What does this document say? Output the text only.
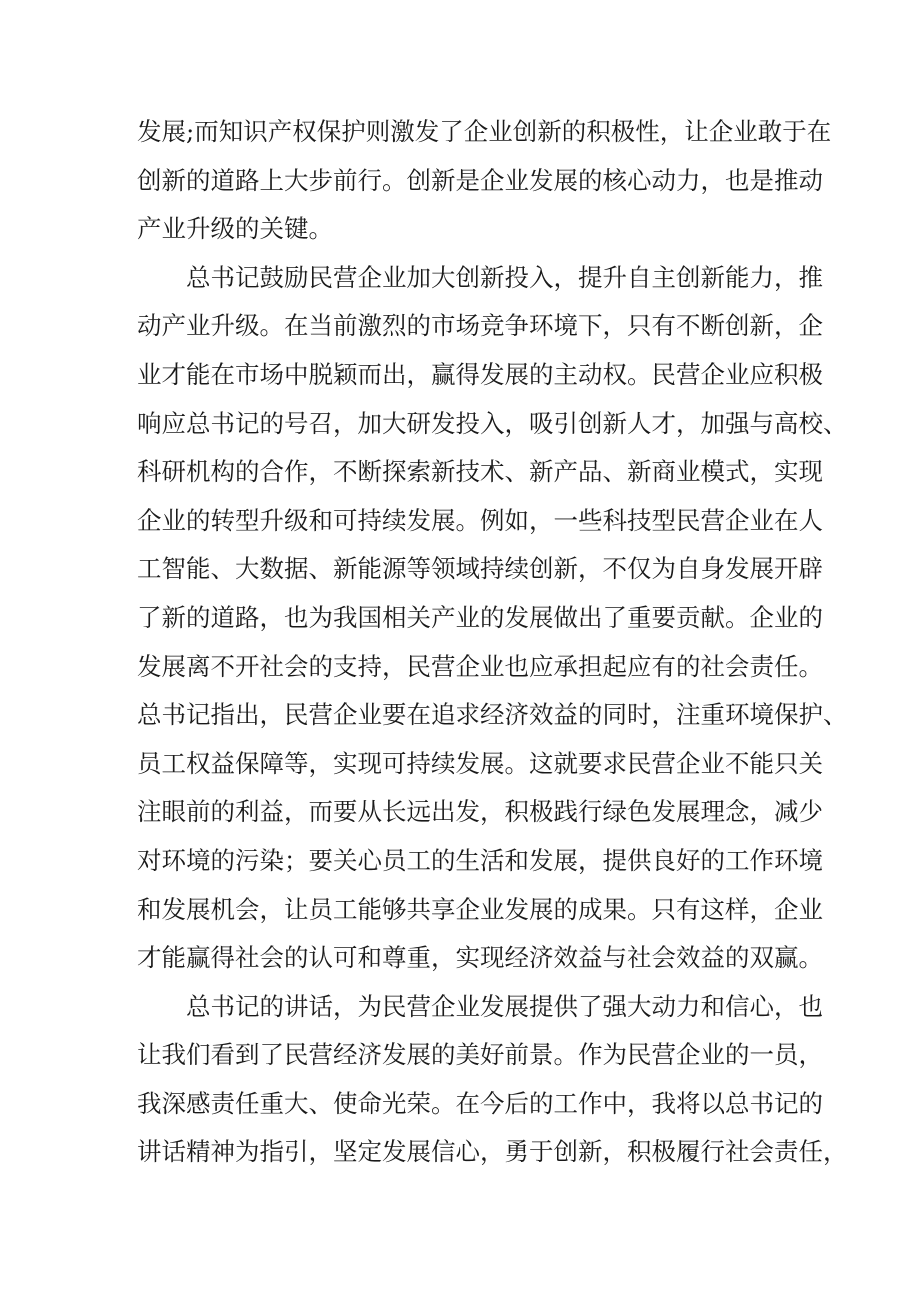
发展;而知识产权保护则激发了企业创新的积极性，让企业敢于在
创新的道路上大步前行。创新是企业发展的核心动力，也是推动
产业升级的关键。
总书记鼓励民营企业加大创新投入，提升自主创新能力，推
动产业升级。在当前激烈的市场竞争环境下，只有不断创新，企
业才能在市场中脱颖而出，赢得发展的主动权。民营企业应积极
响应总书记的号召，加大研发投入，吸引创新人才，加强与高校、
科研机构的合作，不断探索新技术、新产品、新商业模式，实现
企业的转型升级和可持续发展。例如，一些科技型民营企业在人
工智能、大数据、新能源等领域持续创新，不仅为自身发展开辟
了新的道路，也为我国相关产业的发展做出了重要贡献。企业的
发展离不开社会的支持，民营企业也应承担起应有的社会责任。
总书记指出，民营企业要在追求经济效益的同时，注重环境保护、
员工权益保障等，实现可持续发展。这就要求民营企业不能只关
注眼前的利益，而要从长远出发，积极践行绿色发展理念，减少
对环境的污染；要关心员工的生活和发展，提供良好的工作环境
和发展机会，让员工能够共享企业发展的成果。只有这样，企业
才能赢得社会的认可和尊重，实现经济效益与社会效益的双赢。
总书记的讲话，为民营企业发展提供了强大动力和信心，也
让我们看到了民营经济发展的美好前景。作为民营企业的一员，
我深感责任重大、使命光荣。在今后的工作中，我将以总书记的
讲话精神为指引，坚定发展信心，勇于创新，积极履行社会责任，
